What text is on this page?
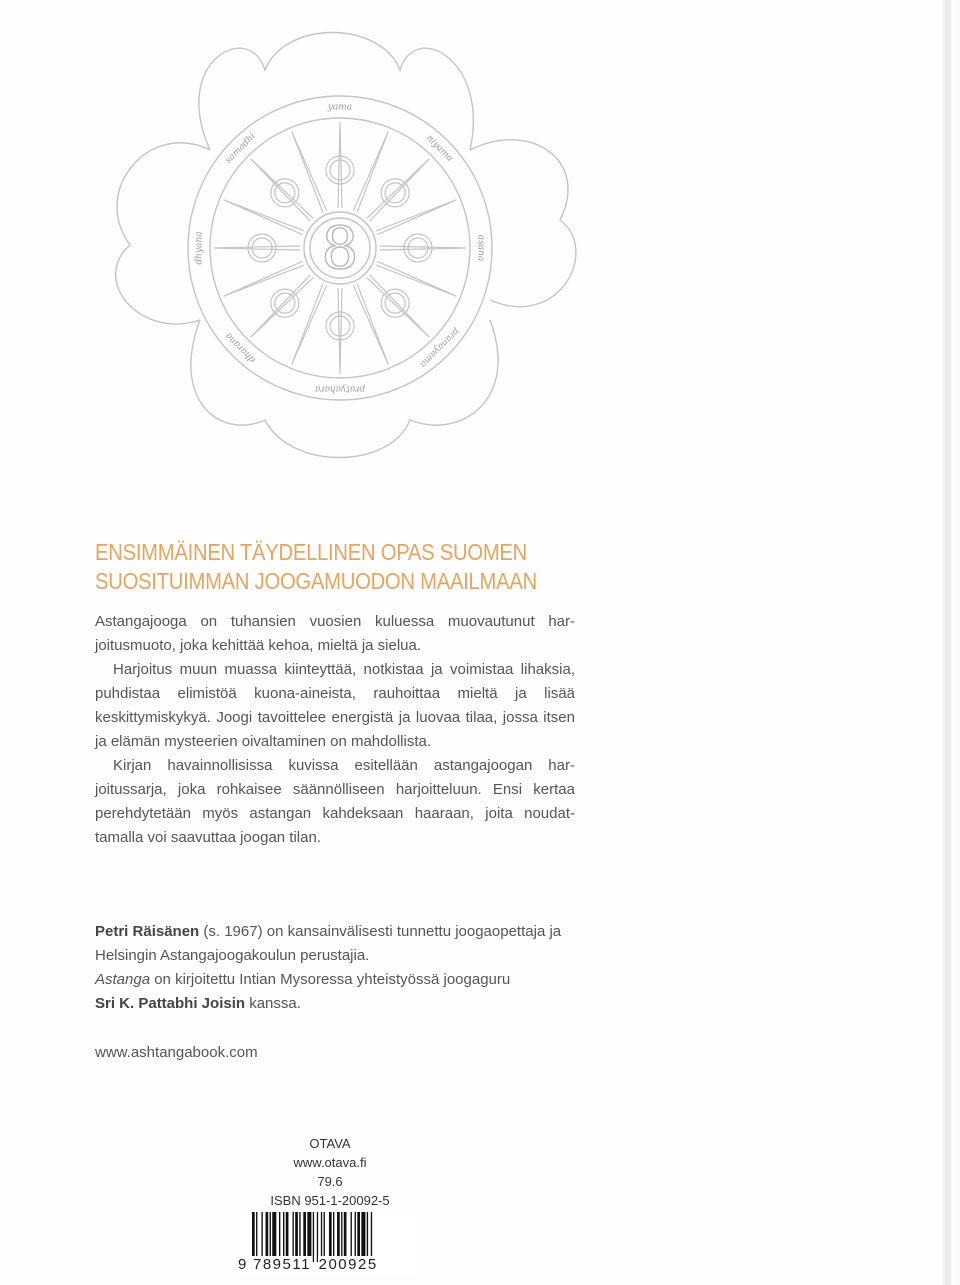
yama
niyama
asana
pranayama
pratyahara
dharana
dhyana
samadhi
8
ENSIMMÄINEN TÄYDELLINEN OPAS SUOMEN
SUOSITUIMMAN JOOGAMUODON MAAILMAAN

Astangajooga on tuhansien vuosien kuluessa muovautunut harjoitusmuoto, joka kehittää kehoa, mieltä ja sielua.

Harjoitus muun muassa kiinteyttää, notkistaa ja voimistaa lihaksia, puhdistaa elimistöä kuona-aineista, rauhoittaa mieltä ja lisää keskittymiskykyä. Joogi tavoittelee energistä ja luovaa tilaa, jossa itsen ja elämän mysteerien oivaltaminen on mahdollista.

Kirjan havainnollisissa kuvissa esitellään astangajoogan harjoitussarja, joka rohkaisee säännölliseen harjoitteluun. Ensi kertaa perehdytetään myös astangan kahdeksaan haaraan, joita noudattamalla voi saavuttaa joogan tilan.

Petri Räisänen (s. 1967) on kansainvälisesti tunnettu joogaopettaja ja Helsingin Astangajoogakoulun perustajia.
Astanga on kirjoitettu Intian Mysoressa yhteistyössä joogaguru
Sri K. Pattabhi Joisin kanssa.

www.ashtangabook.com
OTAVA
www.otava.fi
79.6
ISBN 951-1-20092-5
9 789511 200925
